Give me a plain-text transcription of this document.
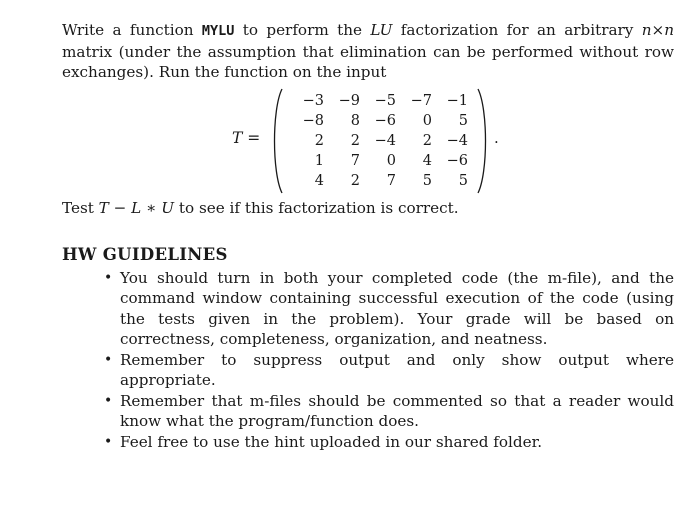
Write a function MYLU to perform the LU factorization for an arbitrary n×n matrix (under the assumption that elimination can be performed without row exchanges). Run the function on the input

T =
−3	−9	−5	−7	−1
−8	8	−6	0	5
2	2	−4	2	−4
1	7	0	4	−6
4	2	7	5	5
.

Test T − L ∗ U to see if this factorization is correct.

HW GUIDELINES
• You should turn in both your completed code (the m-file), and the command window containing successful execution of the code (using the tests given in the problem). Your grade will be based on correctness, completeness, organization, and neatness.
• Remember to suppress output and only show output where appropriate.
• Remember that m-files should be commented so that a reader would know what the program/function does.
• Feel free to use the hint uploaded in our shared folder.
